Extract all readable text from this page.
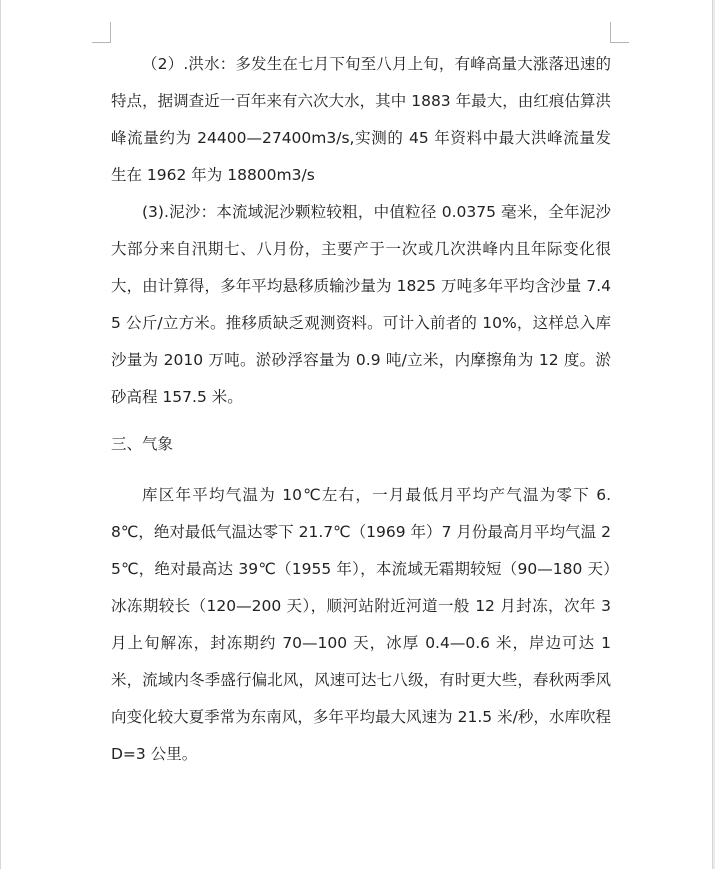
（2）.洪水：多发生在七月下旬至八月上旬，有峰高量大涨落迅速的特点，据调查近一百年来有六次大水，其中 1883 年最大，由红痕估算洪峰流量约为 24400—27400m3/s,实测的 45 年资料中最大洪峰流量发生在 1962 年为 18800m3/s

(3).泥沙：本流域泥沙颗粒较粗，中值粒径 0.0375 毫米，全年泥沙大部分来自汛期七、八月份，主要产于一次或几次洪峰内且年际变化很大，由计算得，多年平均悬移质输沙量为 1825 万吨多年平均含沙量 7.45 公斤/立方米。推移质缺乏观测资料。可计入前者的 10%，这样总入库沙量为 2010 万吨。淤砂浮容量为 0.9 吨/立米，内摩擦角为 12 度。淤砂高程 157.5 米。

三、气象

库区年平均气温为 10℃左右，一月最低月平均产气温为零下 6.8℃，绝对最低气温达零下 21.7℃（1969 年）7 月份最高月平均气温 25℃，绝对最高达 39℃（1955 年），本流域无霜期较短（90—180 天）冰冻期较长（120—200 天），顺河站附近河道一般 12 月封冻，次年 3 月上旬解冻，封冻期约 70—100 天，冰厚 0.4—0.6 米，岸边可达 1 米，流域内冬季盛行偏北风，风速可达七八级，有时更大些，春秋两季风向变化较大夏季常为东南风，多年平均最大风速为 21.5 米/秒，水库吹程 D=3 公里。
